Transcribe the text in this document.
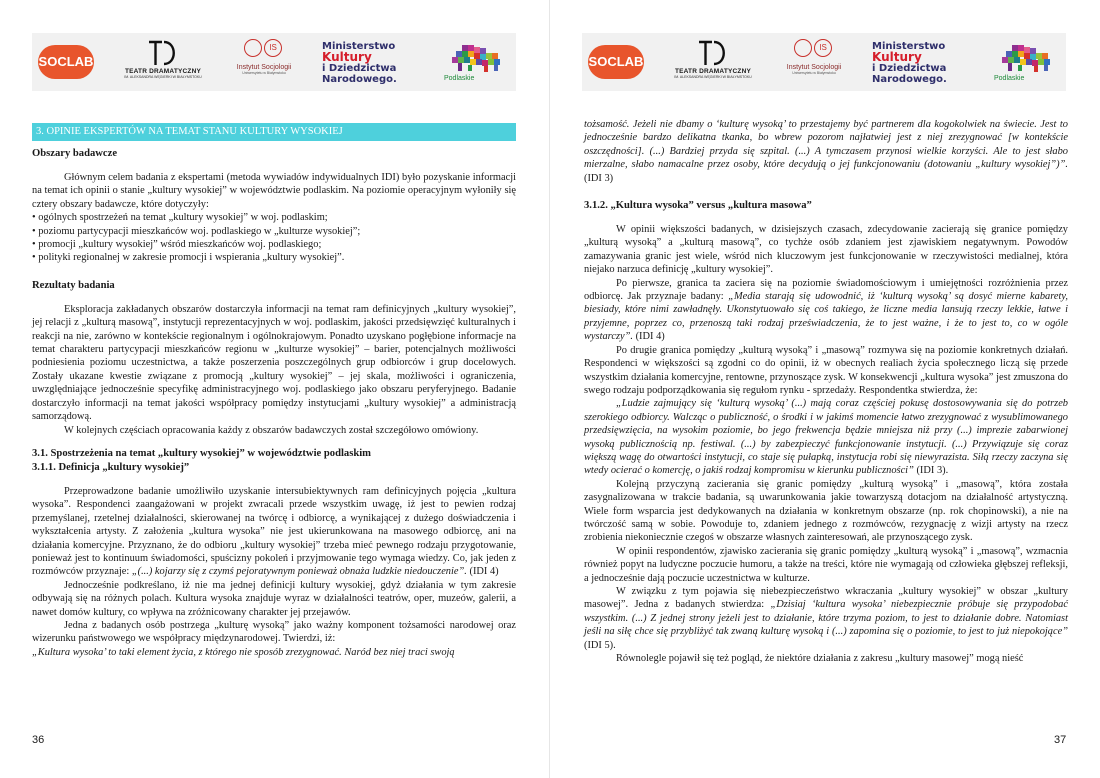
SOCLAB
TEATR DRAMATYCZNY
IM. ALEKSANDRA WĘGIERKI W BIAŁYMSTOKU
IS
Instytut Socjologii
Uniwersytetu w Białymstoku
Ministerstwo
Kultury
i Dziedzictwa
Narodowego.	Podlaskie

3. OPINIE EKSPERTÓW NA TEMAT STANU KULTURY WYSOKIEJ

Obszary badawcze

Głównym celem badania z ekspertami (metoda wywiadów indywidualnych IDI) było pozyskanie informacji na temat ich opinii o stanie „kultury wysokiej” w województwie podlaskim. Na poziomie operacyjnym wyłoniły się cztery obszary badawcze, które dotyczyły:

• ogólnych spostrzeżeń na temat „kultury wysokiej” w woj. podlaskim;

• poziomu partycypacji mieszkańców woj. podlaskiego w „kulturze wysokiej”;

• promocji „kultury wysokiej” wśród mieszkańców woj. podlaskiego;

• polityki regionalnej w zakresie promocji i wspierania „kultury wysokiej”.

Rezultaty badania

Eksploracja zakładanych obszarów dostarczyła informacji na temat ram definicyjnych „kultury wysokiej”, jej relacji z „kulturą masową”, instytucji reprezentacyjnych w woj. podlaskim, jakości przedsięwzięć kulturalnych i reakcji na nie, zarówno w kontekście regionalnym i ogólnokrajowym. Ponadto uzyskano pogłębione informacje na temat charakteru partycypacji mieszkańców regionu w „kulturze wysokiej” – barier, potencjalnych możliwości podniesienia poziomu uczestnictwa, a także poszerzenia poszczególnych grup odbiorców i grup docelowych. Zostały ukazane kwestie związane z promocją „kultury wysokiej” – jej skala, możliwości i ograniczenia, uwzględniające jednocześnie specyfikę administracyjnego woj. podlaskiego jako obszaru peryferyjnego. Badanie dostarczyło informacji na temat jakości współpracy pomiędzy instytucjami „kultury wysokiej” a administracją samorządową.

W kolejnych częściach opracowania każdy z obszarów badawczych został szczegółowo omówiony.

3.1. Spostrzeżenia na temat „kultury wysokiej” w województwie podlaskim

3.1.1. Definicja „kultury wysokiej”

Przeprowadzone badanie umożliwiło uzyskanie intersubiektywnych ram definicyjnych pojęcia „kultura wysoka”. Respondenci zaangażowani w projekt zwracali przede wszystkim uwagę, iż jest to pewien rodzaj przemyślanej, rzetelnej działalności, skierowanej na twórcę i odbiorcę, a wynikającej z dużego doświadczenia i wykształcenia artysty. Z założenia „kultura wysoka” nie jest ukierunkowana na masowego odbiorcę, ani na działania komercyjne. Przyznano, że do odbioru „kultury wysokiej” trzeba mieć pewnego rodzaju przygotowanie, ponieważ jest to kontinuum świadomości, spuścizny pokoleń i przyjmowanie tego wymaga wiedzy. Co, jak jeden z rozmówców przyznaje: „(...) kojarzy się z czymś pejoratywnym ponieważ obnaża ludzkie niedouczenie”. (IDI 4)

Jednocześnie podkreślano, iż nie ma jednej definicji kultury wysokiej, gdyż działania w tym zakresie odbywają się na różnych polach. Kultura wysoka znajduje wyraz w działalności teatrów, oper, muzeów, galerii, a nawet domów kultury, co wpływa na zróżnicowany charakter jej przejawów.

Jedna z badanych osób postrzega „kulturę wysoką” jako ważny komponent tożsamości narodowej oraz wizerunku państwowego we współpracy międzynarodowej. Twierdzi, iż:

„Kultura wysoka’ to taki element życia, z którego nie sposób zrezygnować. Naród bez niej traci swoją

36
SOCLAB
TEATR DRAMATYCZNY
IM. ALEKSANDRA WĘGIERKI W BIAŁYMSTOKU
IS
Instytut Socjologii
Uniwersytetu w Białymstoku
Ministerstwo
Kultury
i Dziedzictwa
Narodowego.	Podlaskie

tożsamość. Jeżeli nie dbamy o ‘kulturę wysoką’ to przestajemy być partnerem dla kogokolwiek na świecie. Jest to jednocześnie bardzo delikatna tkanka, bo wbrew pozorom najłatwiej jest z niej zrezygnować [w kontekście oszczędności]. (...) Bardziej przyda się szpital. (...) A tymczasem przynosi wielkie korzyści. Ale to jest słabo mierzalne, słabo namacalne przez osoby, które decydują o jej funkcjonowaniu (dotowaniu „kultury wysokiej”)”. (IDI 3)

3.1.2. „Kultura wysoka” versus „kultura masowa”

W opinii większości badanych, w dzisiejszych czasach, zdecydowanie zacierają się granice pomiędzy „kulturą wysoką” a „kulturą masową”, co tychże osób zdaniem jest zjawiskiem negatywnym. Powodów zamazywania granic jest wiele, wśród nich kluczowym jest funkcjonowanie w rzeczywistości medialnej, która niejako narzuca definicję „kultury wysokiej”.

Po pierwsze, granica ta zaciera się na poziomie świadomościowym i umiejętności rozróżnienia przez odbiorcę. Jak przyznaje badany: „Media starają się udowodnić, iż ‘kulturą wysoką’ są dosyć mierne kabarety, biesiady, które nimi zawładnęły. Ukonstytuowało się coś takiego, że liczne media lansują rzeczy lekkie, łatwe i przyjemne, poprzez co, przenoszą taki rodzaj przeświadczenia, że to jest ważne, i że to jest to, co w ogóle wystarczy”. (IDI 4)

Po drugie granica pomiędzy „kulturą wysoką” i „masową” rozmywa się na poziomie konkretnych działań. Respondenci w większości są zgodni co do opinii, iż w obecnych realiach życia społecznego liczą się przede wszystkim działania komercyjne, rentowne, przynoszące zysk. W konsekwencji „kultura wysoka” jest zmuszona do swego rodzaju podporządkowania się regułom rynku - sprzedaży. Respondentka stwierdza, że:

„Ludzie zajmujący się ‘kulturą wysoką’ (...) mają coraz częściej pokusę dostosowywania się do potrzeb szerokiego odbiorcy. Walcząc o publiczność, o środki i w jakimś momencie łatwo zrezygnować z wysublimowanego przedsięwzięcia, na wysokim poziomie, bo jego frekwencja będzie mniejsza niż przy (...) imprezie zabarwionej wysoką publicznością np. festiwal. (...) by zabezpieczyć funkcjonowanie instytucji. (...) Przywiązuje się coraz większą wagę do otwartości instytucji, co staje się pułapką, instytucja robi się niewyrazista. Siłą rzeczy zaczyna się wtedy ocierać o komercję, o jakiś rodzaj kompromisu w kierunku publiczności” (IDI 3).

Kolejną przyczyną zacierania się granic pomiędzy „kulturą wysoką” i „masową”, która została zasygnalizowana w trakcie badania, są uwarunkowania jakie towarzyszą dotacjom na działalność artystyczną. Wiele form wsparcia jest dedykowanych na działania w konkretnym obszarze (np. rok chopinowski), a nie na twórczość samą w sobie. Powoduje to, zdaniem jednego z rozmówców, rezygnację z wizji artysty na rzecz zrobienia niekoniecznie czegoś w obszarze własnych zainteresowań, ale przynoszącego zysk.

W opinii respondentów, zjawisko zacierania się granic pomiędzy „kulturą wysoką” i „masową”, wzmacnia również popyt na ludyczne poczucie humoru, a także na treści, które nie wymagają od człowieka głębszej refleksji, a jednocześnie dają poczucie uczestnictwa w kulturze.

W związku z tym pojawia się niebezpieczeństwo wkraczania „kultury wysokiej” w obszar „kultury masowej”. Jedna z badanych stwierdza: „Dzisiaj ‘kultura wysoka’ niebezpiecznie próbuje się przypodobać wszystkim. (...) Z jednej strony jeżeli jest to działanie, które trzyma poziom, to jest to działanie dobre. Natomiast jeśli na siłę chce się przybliżyć tak zwaną kulturę wysoką i (...) zapomina się o poziomie, to jest to już niepokojące” (IDI 5).

Równolegle pojawił się też pogląd, że niektóre działania z zakresu „kultury masowej” mogą nieść

37
